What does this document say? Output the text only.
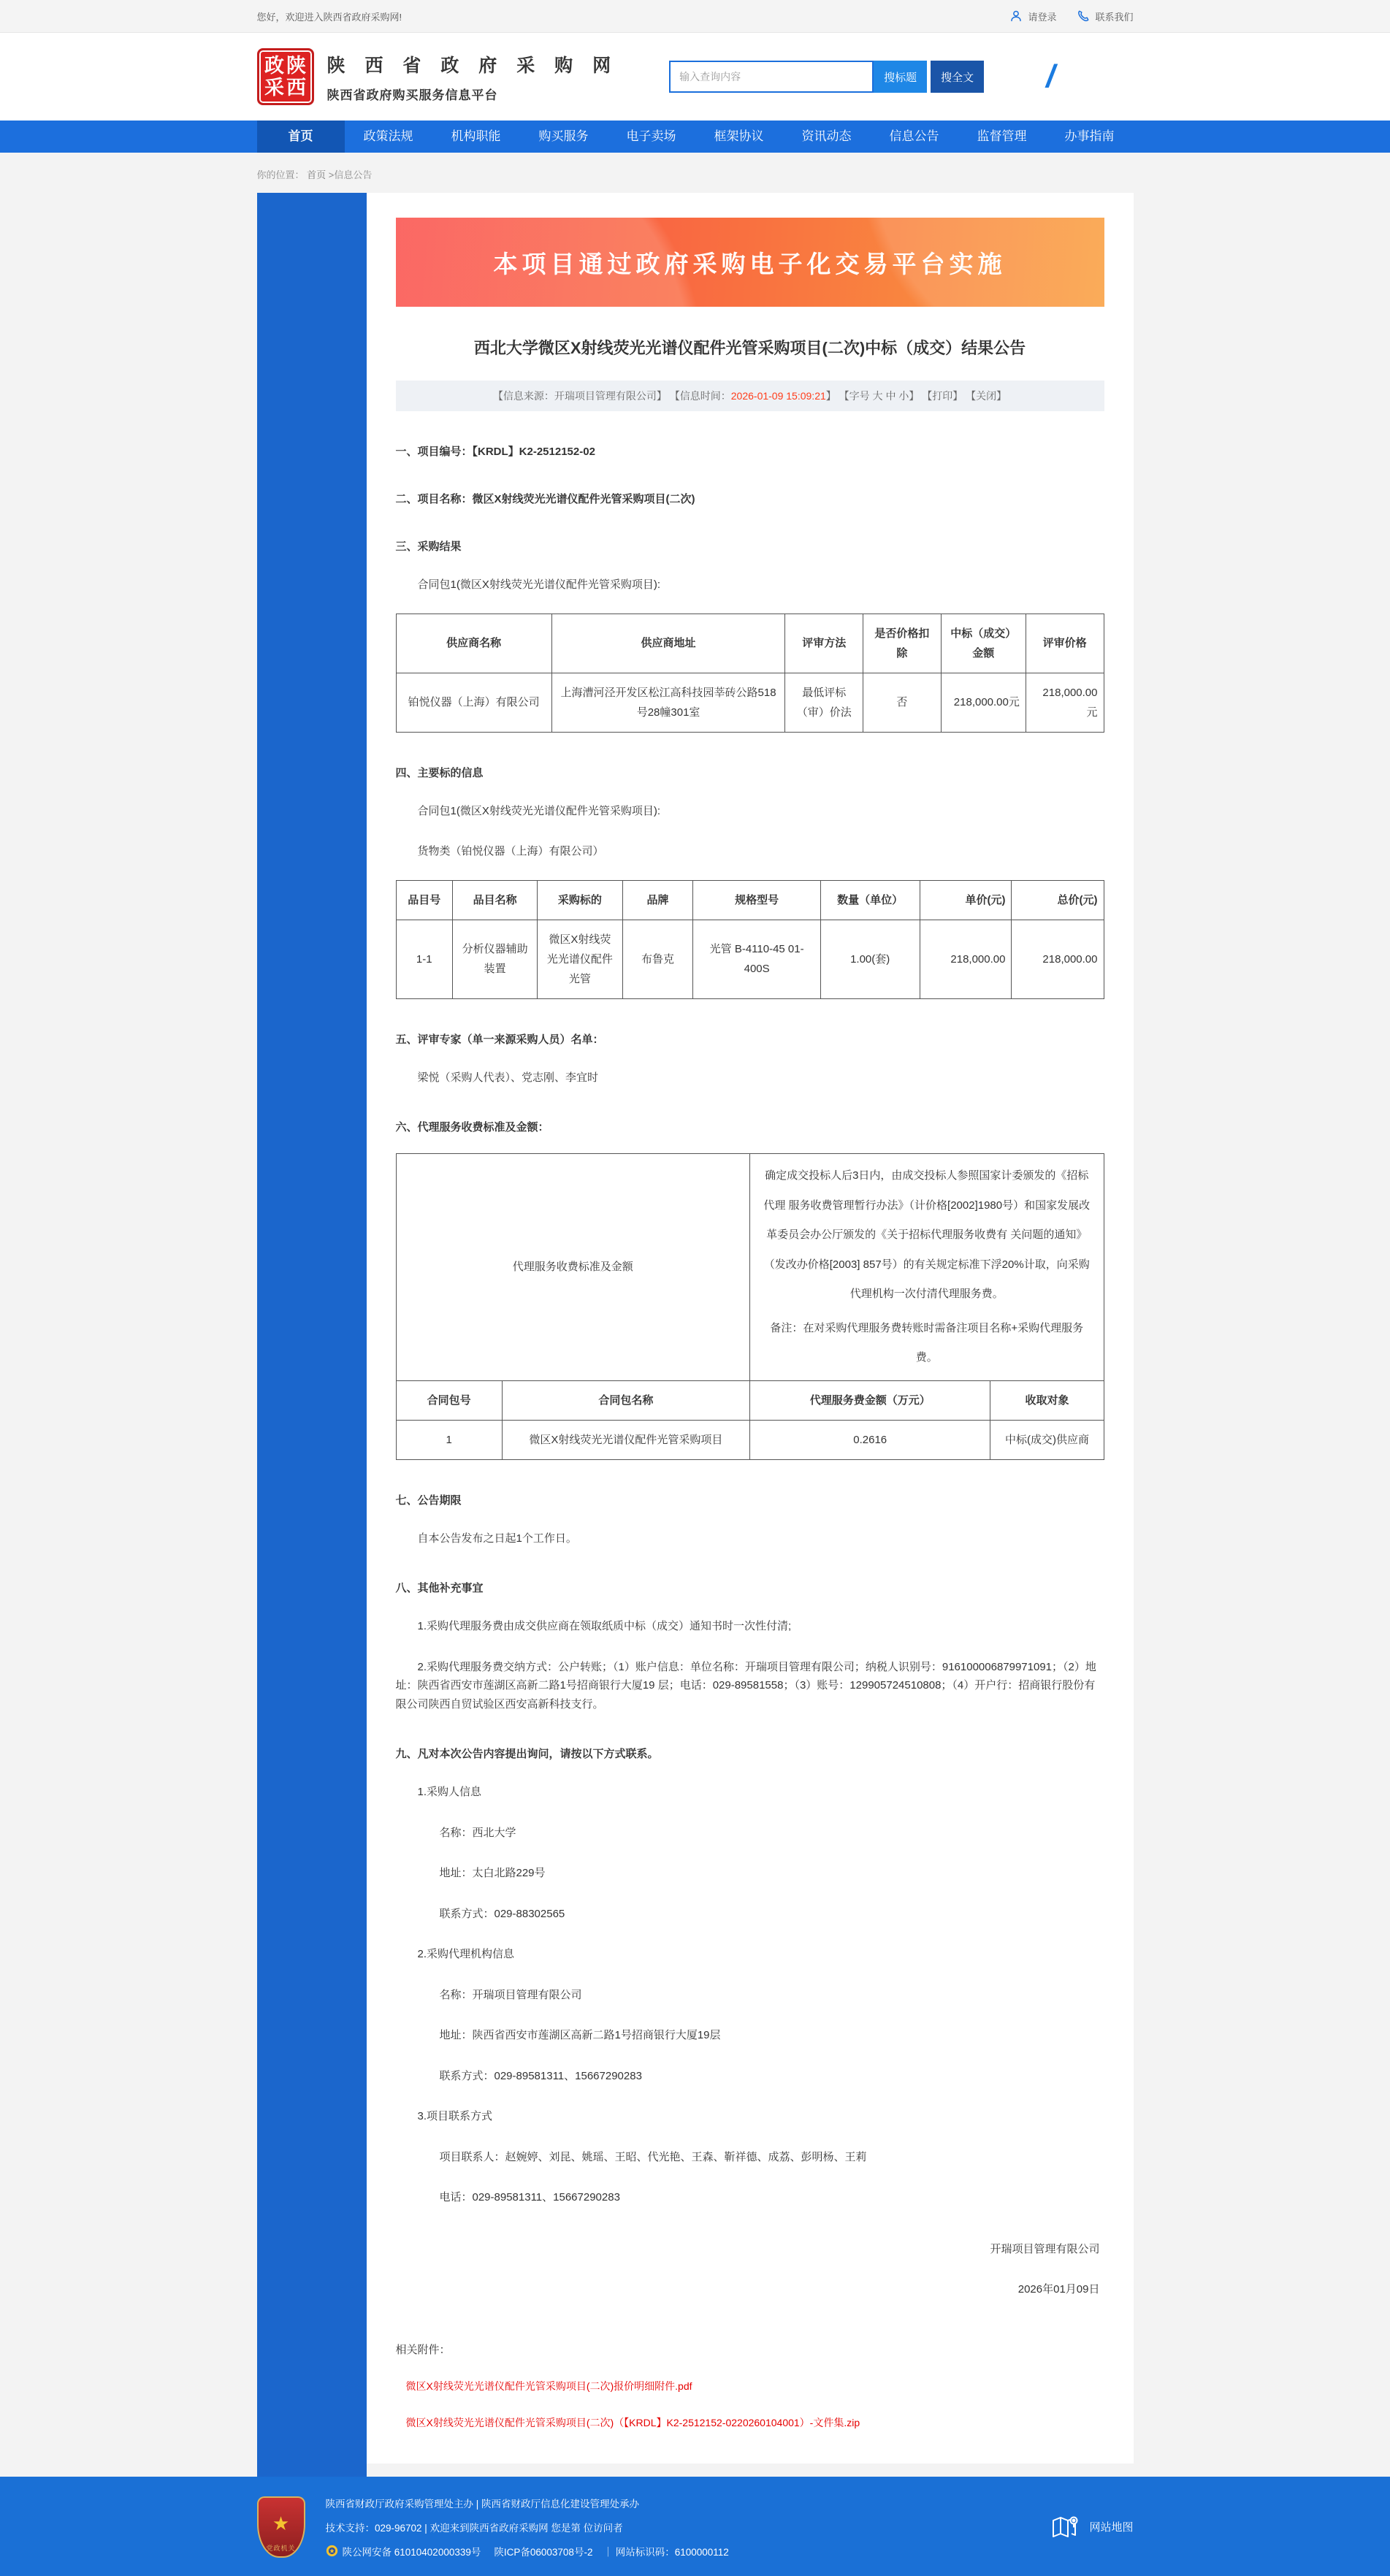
您好，欢迎进入陕西省政府采购网!	请登录	联系我们
政 陕
采 西
陕 西 省 政 府 采 购 网
陕西省政府购买服务信息平台
输入查询内容
搜标题	搜全文	/
首页	政策法规	机构职能	购买服务	电子卖场	框架协议	资讯动态	信息公告	监督管理	办事指南
你的位置： 首页 >信息公告
本项目通过政府采购电子化交易平台实施
西北大学微区X射线荧光光谱仪配件光管采购项目(二次)中标（成交）结果公告
【信息来源：开瑞项目管理有限公司】 【信息时间：2026-01-09 15:09:21】 【字号 大 中 小】 【打印】 【关闭】
一、项目编号：【KRDL】K2-2512152-02
二、项目名称：微区X射线荧光光谱仪配件光管采购项目(二次)
三、采购结果
合同包1(微区X射线荧光光谱仪配件光管采购项目):
供应商名称	供应商地址	评审方法	是否价格扣除	中标（成交）金额	评审价格
铂悦仪器（上海）有限公司	上海漕河泾开发区松江高科技园莘砖公路518号28幢301室	最低评标（审）价法	否	218,000.00元	218,000.00元
四、主要标的信息
合同包1(微区X射线荧光光谱仪配件光管采购项目):
货物类（铂悦仪器（上海）有限公司）
品目号	品目名称	采购标的	品牌	规格型号	数量（单位）	单价(元)	总价(元)
1-1	分析仪器辅助装置	微区X射线荧光光谱仪配件光管	布鲁克	光管 B-4110-45 01-400S	1.00(套)	218,000.00	218,000.00
五、评审专家（单一来源采购人员）名单：
梁悦（采购人代表）、党志刚、李宜时
六、代理服务收费标准及金额：
代理服务收费标准及金额		确定成交投标人后3日内，由成交投标人参照国家计委颁发的《招标代理 服务收费管理暂行办法》（计价格[2002]1980号）和国家发展改革委员会办公厅颁发的《关于招标代理服务收费有 关问题的通知》（发改办价格[2003] 857号）的有关规定标准下浮20%计取，向采购代理机构一次付清代理服务费。
备注：在对采购代理服务费转账时需备注项目名称+采购代理服务费。	

合同包号	合同包名称	代理服务费金额（万元）	收取对象
1	微区X射线荧光光谱仪配件光管采购项目	0.2616	中标(成交)供应商
七、公告期限
自本公告发布之日起1个工作日。
八、其他补充事宜
1.采购代理服务费由成交供应商在领取纸质中标（成交）通知书时一次性付清;
2.采购代理服务费交纳方式：公户转账；（1）账户信息：单位名称：开瑞项目管理有限公司；纳税人识别号：916100006879971091；（2）地址：陕西省西安市莲湖区高新二路1号招商银行大厦19 层；电话：029-89581558；（3）账号：129905724510808；（4）开户行：招商银行股份有限公司陕西自贸试验区西安高新科技支行。
九、凡对本次公告内容提出询问，请按以下方式联系。
1.采购人信息
名称：西北大学
地址：太白北路229号
联系方式：029-88302565
2.采购代理机构信息
名称：开瑞项目管理有限公司
地址：陕西省西安市莲湖区高新二路1号招商银行大厦19层
联系方式：029-89581311、15667290283
3.项目联系方式
项目联系人：赵婉婷、刘昆、姚瑶、王昭、代光艳、王森、靳祥德、成荔、彭明杨、王莉
电话：029-89581311、15667290283
开瑞项目管理有限公司
2026年01月09日
相关附件：
微区X射线荧光光谱仪配件光管采购项目(二次)报价明细附件.pdf
微区X射线荧光光谱仪配件光管采购项目(二次)（【KRDL】K2-2512152-0220260104001）-文件集.zip
★
党政机关
陕西省财政厅政府采购管理处主办 | 陕西省财政厅信息化建设管理处承办
技术支持：029-96702 | 欢迎来到陕西省政府采购网 您是第 位访问者
陕公网安备 61010402000339号 陕ICP备06003708号-2 ｜ 网站标识码：6100000112
网站地图
